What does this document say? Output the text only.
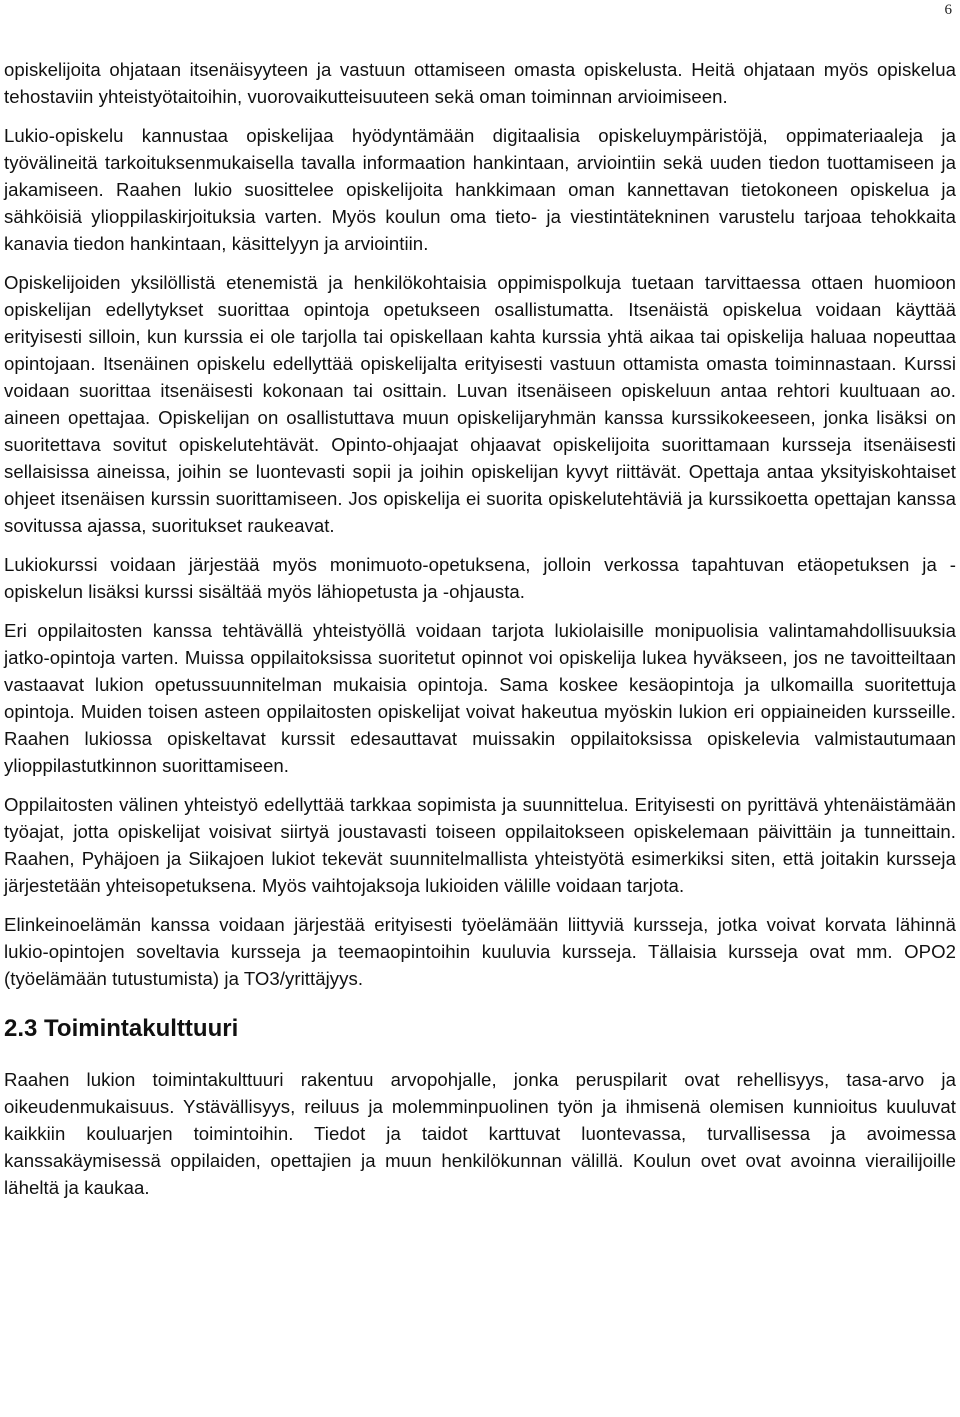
6

opiskelijoita ohjataan itsenäisyyteen ja vastuun ottamiseen omasta opiskelusta. Heitä ohjataan myös opiskelua tehostaviin yhteistyötaitoihin, vuorovaikutteisuuteen sekä oman toiminnan arvioimiseen.

Lukio-opiskelu kannustaa opiskelijaa hyödyntämään digitaalisia opiskeluympäristöjä, oppimateriaaleja ja työvälineitä tarkoituksenmukaisella tavalla informaation hankintaan, arviointiin sekä uuden tiedon tuottamiseen ja jakamiseen. Raahen lukio suosittelee opiskelijoita hankkimaan oman kannettavan tietokoneen opiskelua ja sähköisiä ylioppilaskirjoituksia varten. Myös koulun oma tieto- ja viestintätekninen varustelu tarjoaa tehokkaita kanavia tiedon hankintaan, käsittelyyn ja arviointiin.

Opiskelijoiden yksilöllistä etenemistä ja henkilökohtaisia oppimispolkuja tuetaan tarvittaessa ottaen huomioon opiskelijan edellytykset suorittaa opintoja opetukseen osallistumatta. Itsenäistä opiskelua voidaan käyttää erityisesti silloin, kun kurssia ei ole tarjolla tai opiskellaan kahta kurssia yhtä aikaa tai opiskelija haluaa nopeuttaa opintojaan. Itsenäinen opiskelu edellyttää opiskelijalta erityisesti vastuun ottamista omasta toiminnastaan. Kurssi voidaan suorittaa itsenäisesti kokonaan tai osittain. Luvan itsenäiseen opiskeluun antaa rehtori kuultuaan ao. aineen opettajaa. Opiskelijan on osallistuttava muun opiskelijaryhmän kanssa kurssikokeeseen, jonka lisäksi on suoritettava sovitut opiskelutehtävät. Opinto-ohjaajat ohjaavat opiskelijoita suorittamaan kursseja itsenäisesti sellaisissa aineissa, joihin se luontevasti sopii ja joihin opiskelijan kyvyt riittävät. Opettaja antaa yksityiskohtaiset ohjeet itsenäisen kurssin suorittamiseen. Jos opiskelija ei suorita opiskelutehtäviä ja kurssikoetta opettajan kanssa sovitussa ajassa, suoritukset raukeavat.

Lukiokurssi voidaan järjestää myös monimuoto-opetuksena, jolloin verkossa tapahtuvan etäopetuksen ja -opiskelun lisäksi kurssi sisältää myös lähiopetusta ja -ohjausta.

Eri oppilaitosten kanssa tehtävällä yhteistyöllä voidaan tarjota lukiolaisille monipuolisia valintamahdollisuuksia jatko-opintoja varten. Muissa oppilaitoksissa suoritetut opinnot voi opiskelija lukea hyväkseen, jos ne tavoitteiltaan vastaavat lukion opetussuunnitelman mukaisia opintoja. Sama koskee kesäopintoja ja ulkomailla suoritettuja opintoja. Muiden toisen asteen oppilaitosten opiskelijat voivat hakeutua myöskin lukion eri oppiaineiden kursseille. Raahen lukiossa opiskeltavat kurssit edesauttavat muissakin oppilaitoksissa opiskelevia valmistautumaan ylioppilastutkinnon suorittamiseen.

Oppilaitosten välinen yhteistyö edellyttää tarkkaa sopimista ja suunnittelua. Erityisesti on pyrittävä yhtenäistämään työajat, jotta opiskelijat voisivat siirtyä joustavasti toiseen oppilaitokseen opiskelemaan päivittäin ja tunneittain. Raahen, Pyhäjoen ja Siikajoen lukiot tekevät suunnitelmallista yhteistyötä esimerkiksi siten, että joitakin kursseja järjestetään yhteisopetuksena. Myös vaihtojaksoja lukioiden välille voidaan tarjota.

Elinkeinoelämän kanssa voidaan järjestää erityisesti työelämään liittyviä kursseja, jotka voivat korvata lähinnä lukio-opintojen soveltavia kursseja ja teemaopintoihin kuuluvia kursseja. Tällaisia kursseja ovat mm. OPO2 (työelämään tutustumista) ja TO3/yrittäjyys.

2.3 Toimintakulttuuri

Raahen lukion toimintakulttuuri rakentuu arvopohjalle, jonka peruspilarit ovat rehellisyys, tasa-arvo ja oikeudenmukaisuus. Ystävällisyys, reiluus ja molemminpuolinen työn ja ihmisenä olemisen kunnioitus kuuluvat kaikkiin kouluarjen toimintoihin. Tiedot ja taidot karttuvat luontevassa, turvallisessa ja avoimessa kanssakäymisessä oppilaiden, opettajien ja muun henkilökunnan välillä. Koulun ovet ovat avoinna vierailijoille läheltä ja kaukaa.
